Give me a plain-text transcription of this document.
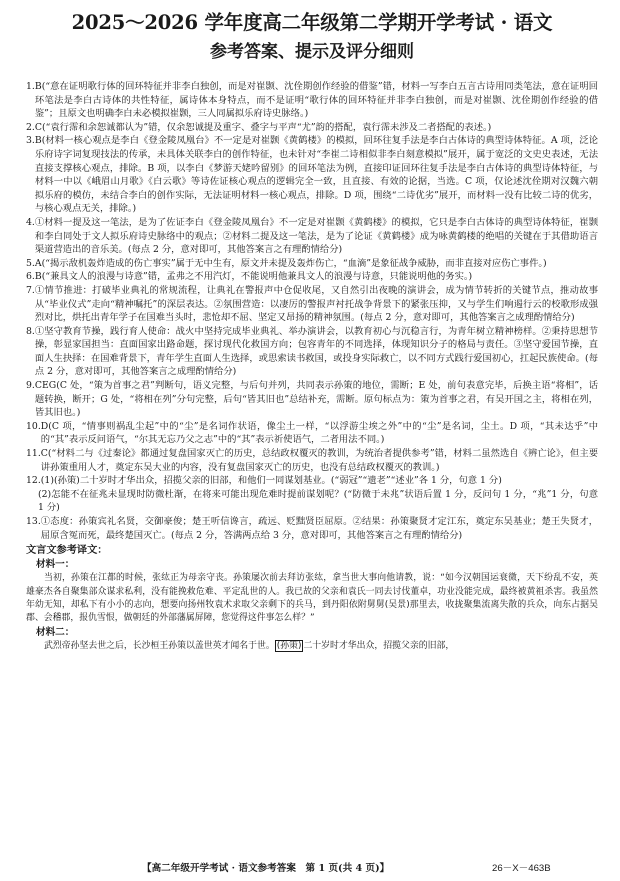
2025～2026 学年度高二年级第二学期开学考试 · 语文
参考答案、提示及评分细则
1. B(“意在证明歌行体的回环特征并非李白独创，而是对崔颢、沈佺期创作经验的借鉴”错，材料一写李白五言古诗用同类笔法，意在证明回环笔法是李白古诗体的共性特征，属诗体本身特点，而不是证明“歌行体的回环特征并非李白独创，而是对崔颢、沈佺期创作经验的借鉴”；且原文也明确李白未必模拟崔颢，三人同属拟乐府诗史脉络。)
2. C(“袁行霈和余恕诚都认为”错，仅余恕诚提及重字、叠字与平声“尤”韵的搭配，袁行霈未涉及二者搭配的表述。)
3. B(材料一核心观点是李白《登金陵凤凰台》不一定是对崔颢《黄鹤楼》的模拟，回环往复手法是李白古体诗的典型诗体特征。A 项，泛论乐府诗字词复现技法的传承，未具体关联李白的创作特征，也未针对“李崔二诗相似非李白刻意模拟”展开，属于宽泛的文史史表述，无法直接支撑核心观点，排除。B 项，以李白《梦游天姥吟留别》的回环笔法为例，直接印证回环往复手法是李白古体诗的典型诗体特征，与材料一中以《峨眉山月歌》《白云歌》等诗佐证核心观点的逻辑完全一致，且直接、有效的论据，当选。C 项，仅论述沈佺期对汉魏六朝拟乐府的模仿，未结合李白的创作实际，无法证明材料一核心观点，排除。D 项，围绕“二诗优劣”展开，而材料一没有比较二诗的优劣，与核心观点无关，排除。)
4. ①材料一提及这一笔法，是为了佐证李白《登金陵凤凰台》不一定是对崔颢《黄鹤楼》的模拟，它只是李白古体诗的典型诗体特征，崔颢和李白同处于文人拟乐府诗史脉络中的观点；②材料二提及这一笔法，是为了论证《黄鹤楼》成为咏黄鹤楼的绝唱的关键在于其借助语言渠道营造出的音乐美。(每点 2 分，意对即可，其他答案言之有理酌情给分)
5. A(“揭示敌机轰炸造成的伤亡事实”属于无中生有，原文并未提及轰炸伤亡，“血滴”是象征战争威胁，而非直接对应伤亡事件。)
6. B(“兼具文人的浪漫与诗意”错，孟弗之不用汽灯，不能说明他兼具文人的浪漫与诗意，只能说明他的务实。)
7. ①情节推进：打破毕业典礼的常规流程，让典礼在警报声中仓促收尾，又自然引出夜晚的演讲会，成为情节转折的关键节点，推动故事从“毕业仪式”走向“精神嘱托”的深层表达。②氛围营造：以凄厉的警报声衬托战争背景下的紧张压抑，又与学生们响遏行云的校歌形成强烈对比，烘托出青年学子在国难当头时，悲怆却不屈、坚定又昂扬的精神氛围。(每点 2 分，意对即可，其他答案言之成理酌情给分)
8. ①坚守教育节操，践行育人使命：战火中坚持完成毕业典礼、举办演讲会，以教育初心与沉稳言行，为青年树立精神榜样。②秉持思想节操，彰显家国担当：直面国家出路命题，探讨现代化救国方向；包容青年的不同选择，体现知识分子的格局与责任。③坚守爱国节操，直面人生抉择：在国难背景下，青年学生直面人生选择，或思索读书救国，或投身实际救亡，以不同方式践行爱国初心，扛起民族使命。(每点 2 分，意对即可，其他答案言之成理酌情给分)
9. CEG(C 处，“策为首事之君”判断句，语义完整，与后句并列，共同表示孙策的地位，需断；E 处，前句表意完毕，后换主语“将相”，话题转换，断开；G 处，“将相在列”分句完整，后句“皆其旧也”总结补充，需断。原句标点为：策为首事之君，有吴开国之主，将相在列，皆其旧也。)
10. D(C 项，“情事则祸乱尘起”中的“尘”是名词作状语，像尘土一样，“以浮游尘埃之外”中的“尘”是名词，尘土。D 项，“其未达乎”中的“其”表示反问语气，“尔其无忘乃父之志”中的“其”表示祈使语气，二者用法不同。)
11. C(“材料二与《过秦论》都通过复盘国家灭亡的历史，总结政权覆灭的教训，为统治者提供参考”错，材料二虽然选自《辨亡论》，但主要讲孙策重用人才，奠定东吴大业的内容，没有复盘国家灭亡的历史，也没有总结政权覆灭的教训。)
12. (1)(孙策)二十岁时才华出众，招揽父亲的旧部，和他们一同谋划基业。(“弱冠”“遗老”“述业”各 1 分，句意 1 分)
(2)怎能不在征兆未显现时防微杜渐，在将来可能出现危难时提前谋划呢？(“防微于未兆”状语后置 1 分，反问句 1 分，“兆”1 分，句意 1 分)
13. ①态度：孙策宾礼名贤，交御豪俊；楚王听信谗言，疏远、贬黜贤臣屈原。②结果：孙策聚贤才定江东，奠定东吴基业；楚王失贤才，屈原含冤而死，最终楚国灭亡。(每点 2 分，答满两点给 3 分，意对即可，其他答案言之有理酌情给分)
文言文参考译文：
材料一：
当初，孙策在江都的时候，张纮正为母亲守丧。孙策屡次前去拜访张纮，拿当世大事向他请教，说：“如今汉朝国运衰微，天下纷乱不安，英雄豪杰各自聚集部众谋求私利，没有能挽救危难、平定乱世的人。我已故的父亲和袁氏一同去讨伐董卓，功业没能完成，最终被黄祖杀害。我虽然年幼无知，却私下有小小的志向，想要向扬州牧袁术求取父亲剩下的兵马，到丹阳依附舅舅(吴景)那里去，收拢聚集流离失散的兵众，向东占据吴郡、会稽郡，报仇雪恨，做朝廷的外部藩属屏障，您觉得这件事怎么样？”
材料二：
武烈帝孙坚去世之后，长沙桓王孙策以盖世英才闻名于世。 (孙策) 二十岁时才华出众，招揽父亲的旧部，
【高二年级开学考试 · 语文参考答案　第 1 页(共 4 页)】	26－X－463B
